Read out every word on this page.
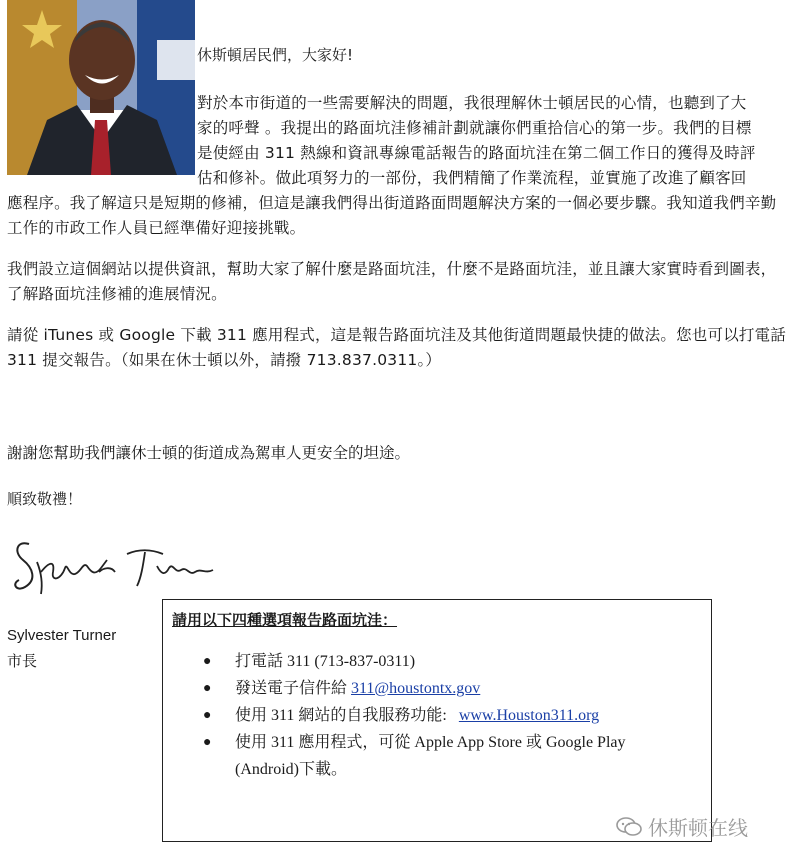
休斯頓居民們，大家好!
對於本市街道的一些需要解決的問題，我很理解休士頓居民的心情，也聽到了大
家的呼聲 。我提出的路面坑洼修補計劃就讓你們重拾信心的第一步。我們的目標
是使經由 311 熱線和資訊專線電話報告的路面坑洼在第二個工作日的獲得及時評
估和修补。做此項努力的一部份，我們精簡了作業流程，並實施了改進了顧客回
應程序。我了解這只是短期的修補，但這是讓我們得出街道路面問題解決方案的一個必要步驟。我知道我們辛勤工作的市政工作人員已經準備好迎接挑戰。
我們設立這個網站以提供資訊，幫助大家了解什麼是路面坑洼，什麼不是路面坑洼，並且讓大家實時看到圖表，了解路面坑洼修補的進展情況。
請從 iTunes 或 Google 下載 311 應用程式，這是報告路面坑洼及其他街道問題最快捷的做法。您也可以打電話 311 提交報告。（如果在休士頓以外，請撥 713.837.0311。）
謝謝您幫助我們讓休士頓的街道成為駕車人更安全的坦途。
順致敬禮！
Sylvester Turner
市長
請用以下四種選項報告路面坑洼：
● 打電話 311 (713-837-0311)
● 發送電子信件給 311@houstontx.gov
● 使用 311 網站的自我服務功能:   www.Houston311.org
● 使用 311 應用程式，可從 Apple App Store 或 Google Play (Android)下載。
休斯顿在线
